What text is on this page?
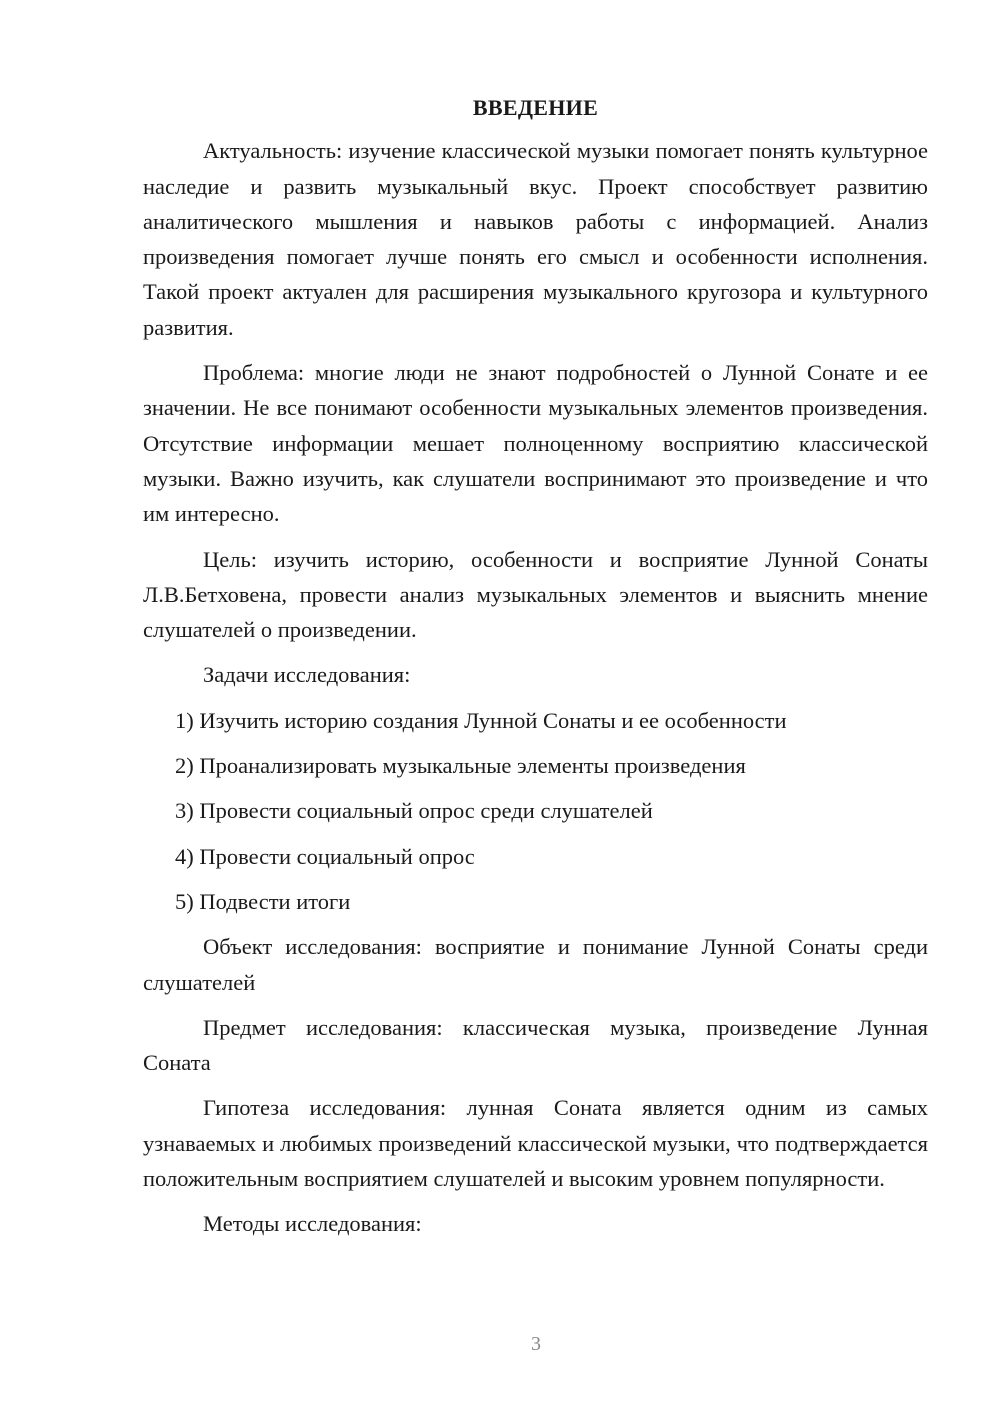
ВВЕДЕНИЕ

Актуальность: изучение классической музыки помогает понять культурное наследие и развить музыкальный вкус. Проект способствует развитию аналитического мышления и навыков работы с информацией. Анализ произведения помогает лучше понять его смысл и особенности исполнения. Такой проект актуален для расширения музыкального кругозора и культурного развития.

Проблема: многие люди не знают подробностей о Лунной Сонате и ее значении. Не все понимают особенности музыкальных элементов произведения. Отсутствие информации мешает полноценному восприятию классической музыки. Важно изучить, как слушатели воспринимают это произведение и что им интересно.

Цель: изучить историю, особенности и восприятие Лунной Сонаты Л.В.Бетховена, провести анализ музыкальных элементов и выяснить мнение слушателей о произведении.

Задачи исследования:

1) Изучить историю создания Лунной Сонаты и ее особенности
2) Проанализировать музыкальные элементы произведения
3) Провести социальный опрос среди слушателей
4) Провести социальный опрос
5) Подвести итоги

Объект исследования: восприятие и понимание Лунной Сонаты среди слушателей

Предмет исследования: классическая музыка, произведение Лунная Соната

Гипотеза исследования: лунная Соната является одним из самых узнаваемых и любимых произведений классической музыки, что подтверждается положительным восприятием слушателей и высоким уровнем популярности.

Методы исследования:

3
